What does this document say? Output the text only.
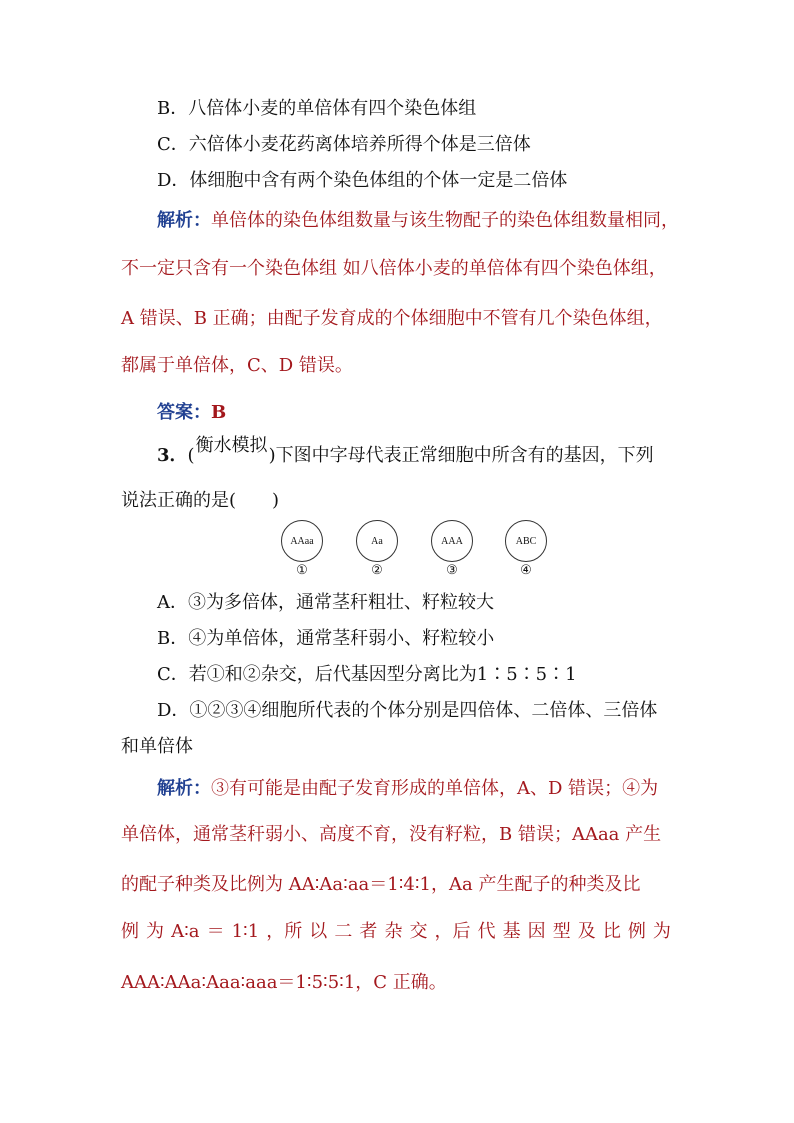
B．八倍体小麦的单倍体有四个染色体组
C．六倍体小麦花药离体培养所得个体是三倍体
D．体细胞中含有两个染色体组的个体一定是二倍体
解析：单倍体的染色体组数量与该生物配子的染色体组数量相同，
不一定只含有一个染色体组 如八倍体小麦的单倍体有四个染色体组，
A 错误、B 正确；由配子发育成的个体细胞中不管有几个染色体组，
都属于单倍体，C、D 错误。
答案：B
3．(衡水模拟)下图中字母代表正常细胞中所含有的基因，下列
说法正确的是(　　)
AAaa
①
Aa
②
AAA
③
ABC
④
A．③为多倍体，通常茎秆粗壮、籽粒较大
B．④为单倍体，通常茎秆弱小、籽粒较小
C．若①和②杂交，后代基因型分离比为1∶5∶5∶1
D．①②③④细胞所代表的个体分别是四倍体、二倍体、三倍体
和单倍体
解析：③有可能是由配子发育形成的单倍体，A、D 错误；④为
单倍体，通常茎秆弱小、高度不育，没有籽粒，B 错误；AAaa 产生
的配子种类及比例为 AA∶Aa∶aa＝1∶4∶1，Aa 产生配子的种类及比
例 为 A∶a ＝ 1∶1 ，所 以 二 者 杂 交 ，后 代 基 因 型 及 比 例 为
AAA∶AAa∶Aaa∶aaa＝1∶5∶5∶1，C 正确。
